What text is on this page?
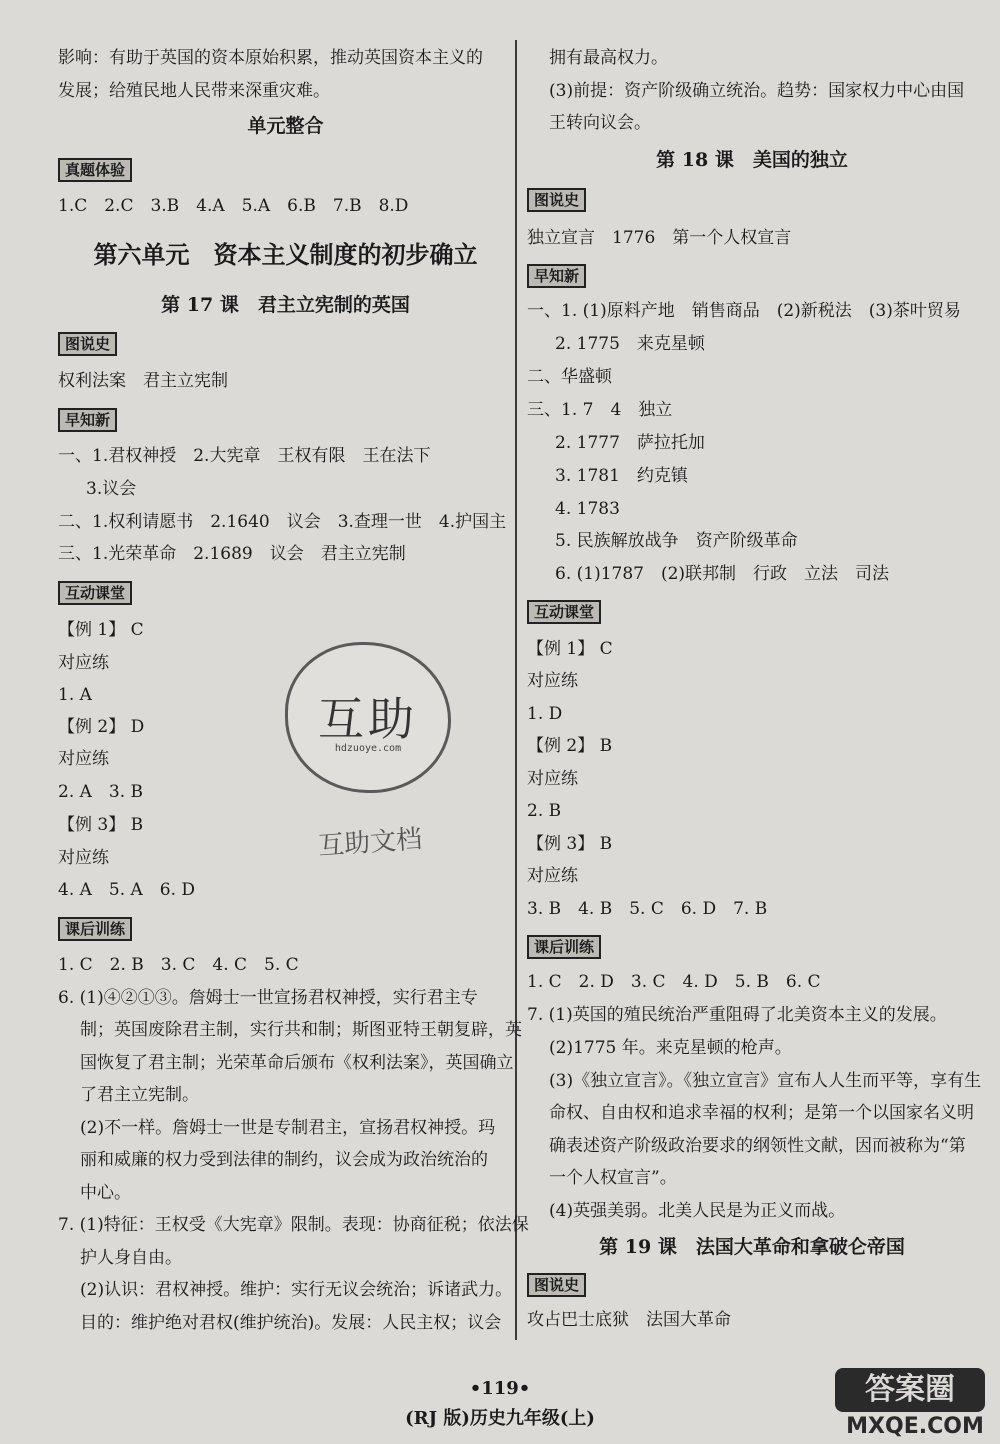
影响：有助于英国的资本原始积累，推动英国资本主义的
发展；给殖民地人民带来深重灾难。
单元整合
真题体验
1.C　2.C　3.B　4.A　5.A　6.B　7.B　8.D
第六单元　资本主义制度的初步确立
第 17 课　君主立宪制的英国
图说史
权利法案　君主立宪制
早知新
一、1.君权神授　2.大宪章　王权有限　王在法下
3.议会
二、1.权利请愿书　2.1640　议会　3.查理一世　4.护国主
三、1.光荣革命　2.1689　议会　君主立宪制
互动课堂
【例 1】 C
对应练
1. A
【例 2】 D
对应练
2. A　3. B
【例 3】 B
对应练
4. A　5. A　6. D
课后训练
1. C　2. B　3. C　4. C　5. C
6. (1)④②①③。詹姆士一世宣扬君权神授，实行君主专
制；英国废除君主制，实行共和制；斯图亚特王朝复辟，英
国恢复了君主制；光荣革命后颁布《权利法案》，英国确立
了君主立宪制。
(2)不一样。詹姆士一世是专制君主，宣扬君权神授。玛
丽和威廉的权力受到法律的制约，议会成为政治统治的
中心。
7. (1)特征：王权受《大宪章》限制。表现：协商征税；依法保
护人身自由。
(2)认识：君权神授。维护：实行无议会统治；诉诸武力。
目的：维护绝对君权(维护统治)。发展：人民主权；议会
拥有最高权力。
(3)前提：资产阶级确立统治。趋势：国家权力中心由国
王转向议会。
第 18 课　美国的独立
图说史
独立宣言　1776　第一个人权宣言
早知新
一、1. (1)原料产地　销售商品　(2)新税法　(3)茶叶贸易
2. 1775　来克星顿
二、华盛顿
三、1. 7　4　独立
2. 1777　萨拉托加
3. 1781　约克镇
4. 1783
5. 民族解放战争　资产阶级革命
6. (1)1787　(2)联邦制　行政　立法　司法
互动课堂
【例 1】 C
对应练
1. D
【例 2】 B
对应练
2. B
【例 3】 B
对应练
3. B　4. B　5. C　6. D　7. B
课后训练
1. C　2. D　3. C　4. D　5. B　6. C
7. (1)英国的殖民统治严重阻碍了北美资本主义的发展。
(2)1775 年。来克星顿的枪声。
(3)《独立宣言》。《独立宣言》宣布人人生而平等，享有生
命权、自由权和追求幸福的权利；是第一个以国家名义明
确表述资产阶级政治要求的纲领性文献，因而被称为“第
一个人权宣言”。
(4)英强美弱。北美人民是为正义而战。
第 19 课　法国大革命和拿破仑帝国
图说史
攻占巴士底狱　法国大革命
互助
hdzuoye.com
互助文档
•119•
(RJ 版)历史九年级(上)
答案圈
MXQE.COM
